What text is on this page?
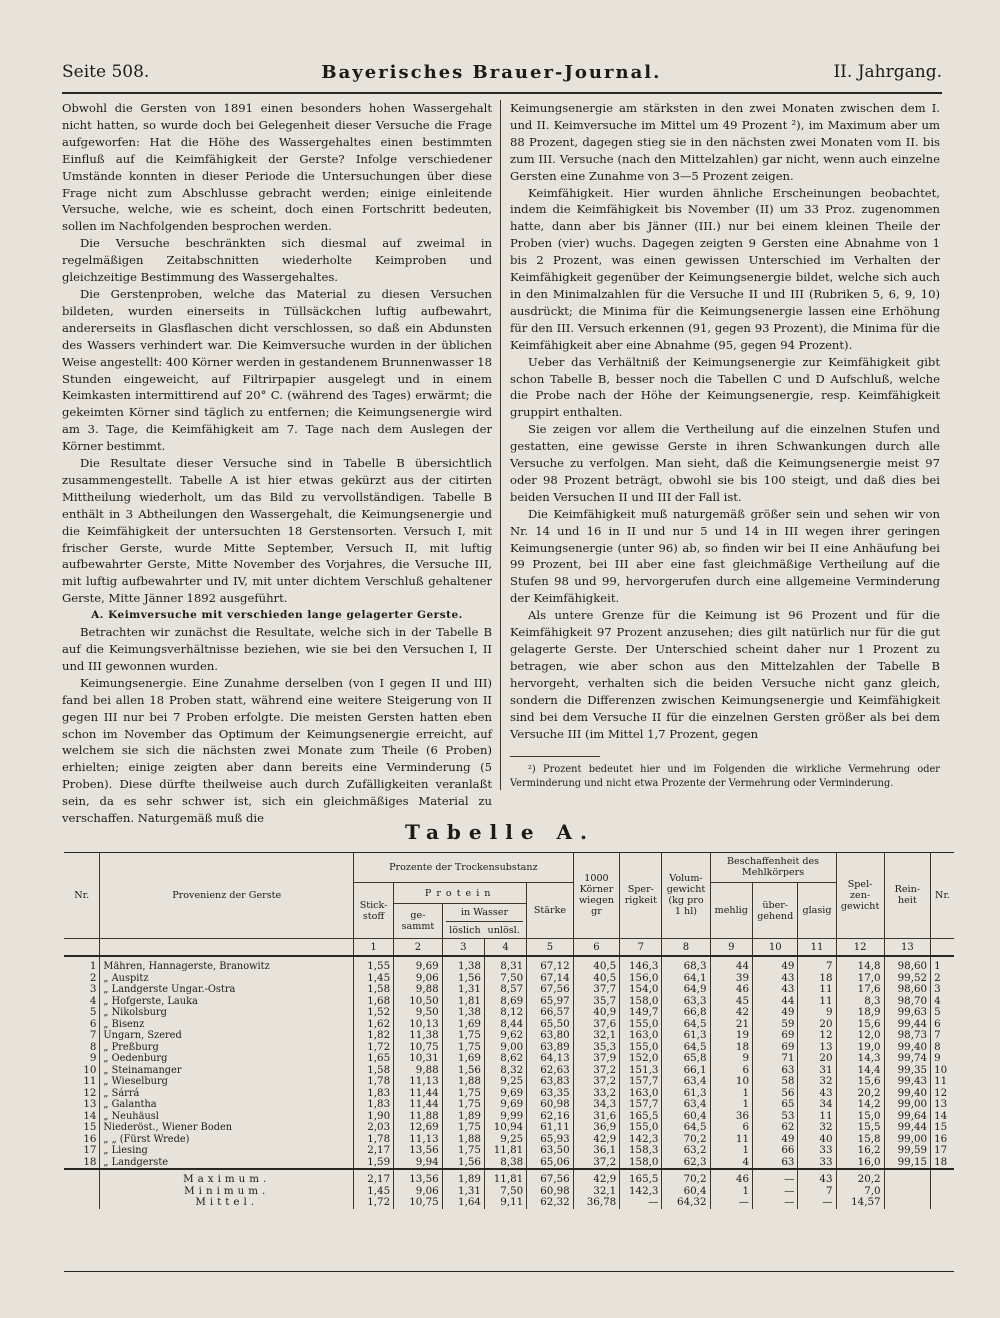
Seite 508.	Bayerisches Brauer-Journal.	II. Jahrgang.

Obwohl die Gersten von 1891 einen besonders hohen Wassergehalt nicht hatten, so wurde doch bei Gelegenheit dieser Versuche die Frage aufgeworfen: Hat die Höhe des Wassergehaltes einen bestimmten Einfluß auf die Keimfähigkeit der Gerste? Infolge verschiedener Umstände konnten in dieser Periode die Untersuchungen über diese Frage nicht zum Abschlusse gebracht werden; einige einleitende Versuche, welche, wie es scheint, doch einen Fortschritt bedeuten, sollen im Nachfolgenden besprochen werden.

Die Versuche beschränkten sich diesmal auf zweimal in regelmäßigen Zeitabschnitten wiederholte Keimproben und gleichzeitige Bestimmung des Wassergehaltes.

Die Gerstenproben, welche das Material zu diesen Versuchen bildeten, wurden einerseits in Tüllsäckchen luftig aufbewahrt, andererseits in Glasflaschen dicht verschlossen, so daß ein Abdunsten des Wassers verhindert war. Die Keimversuche wurden in der üblichen Weise angestellt: 400 Körner werden in gestandenem Brunnenwasser 18 Stunden eingeweicht, auf Filtrirpapier ausgelegt und in einem Keimkasten intermittirend auf 20° C. (während des Tages) erwärmt; die gekeimten Körner sind täglich zu entfernen; die Keimungsenergie wird am 3. Tage, die Keimfähigkeit am 7. Tage nach dem Auslegen der Körner bestimmt.

Die Resultate dieser Versuche sind in Tabelle B übersichtlich zusammengestellt. Tabelle A ist hier etwas gekürzt aus der citirten Mittheilung wiederholt, um das Bild zu vervollständigen. Tabelle B enthält in 3 Abtheilungen den Wassergehalt, die Keimungsenergie und die Keimfähigkeit der untersuchten 18 Gerstensorten. Versuch I, mit frischer Gerste, wurde Mitte September, Versuch II, mit luftig aufbewahrter Gerste, Mitte November des Vorjahres, die Versuche III, mit luftig aufbewahrter und IV, mit unter dichtem Verschluß gehaltener Gerste, Mitte Jänner 1892 ausgeführt.

A. Keimversuche mit verschieden lange gelagerter Gerste.

Betrachten wir zunächst die Resultate, welche sich in der Tabelle B auf die Keimungsverhältnisse beziehen, wie sie bei den Versuchen I, II und III gewonnen wurden.

Keimungsenergie. Eine Zunahme derselben (von I gegen II und III) fand bei allen 18 Proben statt, während eine weitere Steigerung von II gegen III nur bei 7 Proben erfolgte. Die meisten Gersten hatten eben schon im November das Optimum der Keimungsenergie erreicht, auf welchem sie sich die nächsten zwei Monate zum Theile (6 Proben) erhielten; einige zeigten aber dann bereits eine Verminderung (5 Proben). Diese dürfte theilweise auch durch Zufälligkeiten veranlaßt sein, da es sehr schwer ist, sich ein gleichmäßiges Material zu verschaffen. Naturgemäß muß die

Keimungsenergie am stärksten in den zwei Monaten zwischen dem I. und II. Keimversuche im Mittel um 49 Prozent ²), im Maximum aber um 88 Prozent, dagegen stieg sie in den nächsten zwei Monaten vom II. bis zum III. Versuche (nach den Mittelzahlen) gar nicht, wenn auch einzelne Gersten eine Zunahme von 3—5 Prozent zeigen.

Keimfähigkeit. Hier wurden ähnliche Erscheinungen beobachtet, indem die Keimfähigkeit bis November (II) um 33 Proz. zugenommen hatte, dann aber bis Jänner (III.) nur bei einem kleinen Theile der Proben (vier) wuchs. Dagegen zeigten 9 Gersten eine Abnahme von 1 bis 2 Prozent, was einen gewissen Unterschied im Verhalten der Keimfähigkeit gegenüber der Keimungsenergie bildet, welche sich auch in den Minimalzahlen für die Versuche II und III (Rubriken 5, 6, 9, 10) ausdrückt; die Minima für die Keimungsenergie lassen eine Erhöhung für den III. Versuch erkennen (91, gegen 93 Prozent), die Minima für die Keimfähigkeit aber eine Abnahme (95, gegen 94 Prozent).

Ueber das Verhältniß der Keimungsenergie zur Keimfähigkeit gibt schon Tabelle B, besser noch die Tabellen C und D Aufschluß, welche die Probe nach der Höhe der Keimungsenergie, resp. Keimfähigkeit gruppirt enthalten.

Sie zeigen vor allem die Vertheilung auf die einzelnen Stufen und gestatten, eine gewisse Gerste in ihren Schwankungen durch alle Versuche zu verfolgen. Man sieht, daß die Keimungsenergie meist 97 oder 98 Prozent beträgt, obwohl sie bis 100 steigt, und daß dies bei beiden Versuchen II und III der Fall ist.

Die Keimfähigkeit muß naturgemäß größer sein und sehen wir von Nr. 14 und 16 in II und nur 5 und 14 in III wegen ihrer geringen Keimungsenergie (unter 96) ab, so finden wir bei II eine Anhäufung bei 99 Prozent, bei III aber eine fast gleichmäßige Vertheilung auf die Stufen 98 und 99, hervorgerufen durch eine allgemeine Verminderung der Keimfähigkeit.

Als untere Grenze für die Keimung ist 96 Prozent und für die Keimfähigkeit 97 Prozent anzusehen; dies gilt natürlich nur für die gut gelagerte Gerste. Der Unterschied scheint daher nur 1 Prozent zu betragen, wie aber schon aus den Mittelzahlen der Tabelle B hervorgeht, verhalten sich die beiden Versuche nicht ganz gleich, sondern die Differenzen zwischen Keimungsenergie und Keimfähigkeit sind bei dem Versuche II für die einzelnen Gersten größer als bei dem Versuche III (im Mittel 1,7 Prozent, gegen

²) Prozent bedeutet hier und im Folgenden die wirkliche Vermehrung oder Verminderung und nicht etwa Prozente der Vermehrung oder Verminderung.

Tabelle A.
Nr.	Provenienz der Gerste	Prozente der Trockensubstanz					1000 Körner wiegen gr	Sper-rigkeit	Volum-gewicht (kg pro 1 hl)	Beschaffenheit des Mehlkörpers			Spel-zen-gewicht	Rein-heit	Nr.
		Stick-stoff	Protein			Stärke				mehlig	über-gehend	glasig			
			ge-sammt	in Wasser
löslich unlösl.											

		1	2	3	4	5	6	7	8	9	10	11	12	13	
1	Mähren, Hannagerste, Branowitz	1,55	9,69	1,38	8,31	67,12	40,5	146,3	68,3	44	49	7	14,8	98,60	1
2	„ Auspitz	1,45	9,06	1,56	7,50	67,14	40,5	156,0	64,1	39	43	18	17,0	99,52	2
3	„ Landgerste Ungar.-Ostra	1,58	9,88	1,31	8,57	67,56	37,7	154,0	64,9	46	43	11	17,6	98,60	3
4	„ Hofgerste, Lauka	1,68	10,50	1,81	8,69	65,97	35,7	158,0	63,3	45	44	11	8,3	98,70	4
5	„ Nikolsburg	1,52	9,50	1,38	8,12	66,57	40,9	149,7	66,8	42	49	9	18,9	99,63	5
6	„ Bisenz	1,62	10,13	1,69	8,44	65,50	37,6	155,0	64,5	21	59	20	15,6	99,44	6
7	Ungarn, Szered	1,82	11,38	1,75	9,62	63,80	32,1	163,0	61,3	19	69	12	12,0	98,73	7
8	„ Preßburg	1,72	10,75	1,75	9,00	63,89	35,3	155,0	64,5	18	69	13	19,0	99,40	8
9	„ Oedenburg	1,65	10,31	1,69	8,62	64,13	37,9	152,0	65,8	9	71	20	14,3	99,74	9
10	„ Steinamanger	1,58	9,88	1,56	8,32	62,63	37,2	151,3	66,1	6	63	31	14,4	99,35	10
11	„ Wieselburg	1,78	11,13	1,88	9,25	63,83	37,2	157,7	63,4	10	58	32	15,6	99,43	11
12	„ Sárrá	1,83	11,44	1,75	9,69	63,35	33,2	163,0	61,3	1	56	43	20,2	99,40	12
13	„ Galantha	1,83	11,44	1,75	9,69	60,98	34,3	157,7	63,4	1	65	34	14,2	99,00	13
14	„ Neuhäusl	1,90	11,88	1,89	9,99	62,16	31,6	165,5	60,4	36	53	11	15,0	99,64	14
15	Niederöst., Wiener Boden	2,03	12,69	1,75	10,94	61,11	36,9	155,0	64,5	6	62	32	15,5	99,44	15
16	„ „ (Fürst Wrede)	1,78	11,13	1,88	9,25	65,93	42,9	142,3	70,2	11	49	40	15,8	99,00	16
17	„ Liesing	2,17	13,56	1,75	11,81	63,50	36,1	158,3	63,2	1	66	33	16,2	99,59	17
18	„ Landgerste	1,59	9,94	1,56	8,38	65,06	37,2	158,0	62,3	4	63	33	16,0	99,15	18
	Maximum.	2,17	13,56	1,89	11,81	67,56	42,9	165,5	70,2	46	—	43	20,2		
	Minimum.	1,45	9,06	1,31	7,50	60,98	32,1	142,3	60,4	1	—	7	7,0		
	Mittel.	1,72	10,75	1,64	9,11	62,32	36,78	—	64,32	—	—	—	14,57		
